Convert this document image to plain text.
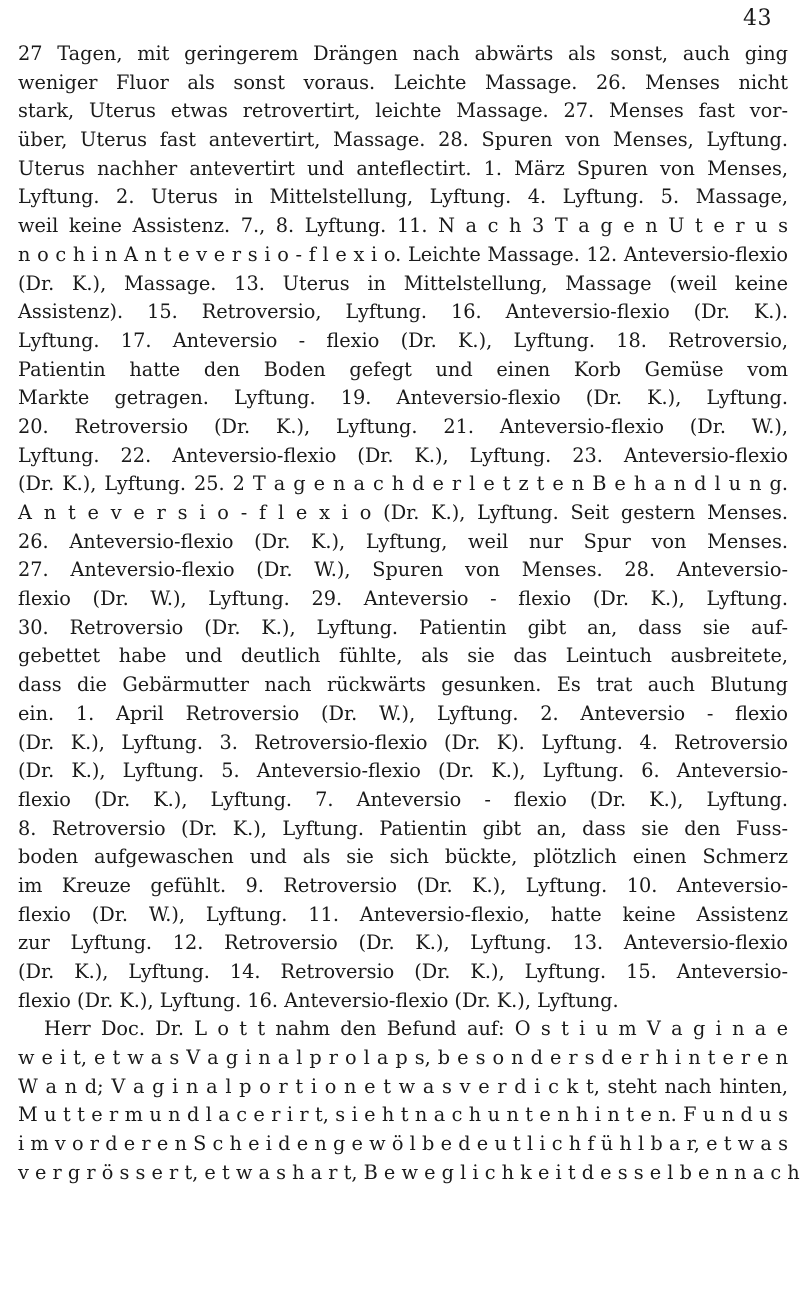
43
27 Tagen, mit geringerem Drängen nach abwärts als sonst, auch ging
weniger Fluor als sonst voraus. Leichte Massage. 26. Menses nicht
stark, Uterus etwas retrovertirt, leichte Massage. 27. Menses fast vor-
über, Uterus fast antevertirt, Massage. 28. Spuren von Menses, Lyftung.
Uterus nachher antevertirt und anteflectirt. 1. März Spuren von Menses,
Lyftung. 2. Uterus in Mittelstellung, Lyftung. 4. Lyftung. 5. Massage,
weil keine Assistenz. 7., 8. Lyftung. 11. N a c h 3 T a g e n U t e r u s
n o c h i n A n t e v e r s i o - f l e x i o. Leichte Massage. 12. Anteversio-flexio
(Dr. K.), Massage. 13. Uterus in Mittelstellung, Massage (weil keine
Assistenz). 15. Retroversio, Lyftung. 16. Anteversio-flexio (Dr. K.).
Lyftung. 17. Anteversio - flexio (Dr. K.), Lyftung. 18. Retroversio,
Patientin hatte den Boden gefegt und einen Korb Gemüse vom
Markte getragen. Lyftung. 19. Anteversio-flexio (Dr. K.), Lyftung.
20. Retroversio (Dr. K.), Lyftung. 21. Anteversio-flexio (Dr. W.),
Lyftung. 22. Anteversio-flexio (Dr. K.), Lyftung. 23. Anteversio-flexio
(Dr. K.), Lyftung. 25. 2 T a g e n a c h d e r l e t z t e n B e h a n d l u n g.
A n t e v e r s i o - f l e x i o (Dr. K.), Lyftung. Seit gestern Menses.
26. Anteversio-flexio (Dr. K.), Lyftung, weil nur Spur von Menses.
27. Anteversio-flexio (Dr. W.), Spuren von Menses. 28. Anteversio-
flexio (Dr. W.), Lyftung. 29. Anteversio - flexio (Dr. K.), Lyftung.
30. Retroversio (Dr. K.), Lyftung. Patientin gibt an, dass sie auf-
gebettet habe und deutlich fühlte, als sie das Leintuch ausbreitete,
dass die Gebärmutter nach rückwärts gesunken. Es trat auch Blutung
ein. 1. April Retroversio (Dr. W.), Lyftung. 2. Anteversio - flexio
(Dr. K.), Lyftung. 3. Retroversio-flexio (Dr. K). Lyftung. 4. Retroversio
(Dr. K.), Lyftung. 5. Anteversio-flexio (Dr. K.), Lyftung. 6. Anteversio-
flexio (Dr. K.), Lyftung. 7. Anteversio - flexio (Dr. K.), Lyftung.
8. Retroversio (Dr. K.), Lyftung. Patientin gibt an, dass sie den Fuss-
boden aufgewaschen und als sie sich bückte, plötzlich einen Schmerz
im Kreuze gefühlt. 9. Retroversio (Dr. K.), Lyftung. 10. Anteversio-
flexio (Dr. W.), Lyftung. 11. Anteversio-flexio, hatte keine Assistenz
zur Lyftung. 12. Retroversio (Dr. K.), Lyftung. 13. Anteversio-flexio
(Dr. K.), Lyftung. 14. Retroversio (Dr. K.), Lyftung. 15. Anteversio-
flexio (Dr. K.), Lyftung. 16. Anteversio-flexio (Dr. K.), Lyftung.
Herr Doc. Dr. L o t t nahm den Befund auf: O s t i u m V a g i n a e
w e i t, e t w a s V a g i n a l p r o l a p s, b e s o n d e r s d e r h i n t e r e n
W a n d; V a g i n a l p o r t i o n e t w a s v e r d i c k t, steht nach hinten,
M u t t e r m u n d l a c e r i r t, s i e h t n a c h u n t e n h i n t e n. F u n d u s
i m v o r d e r e n S c h e i d e n g e w ö l b e d e u t l i c h f ü h l b a r, e t w a s
v e r g r ö s s e r t, e t w a s h a r t, B e w e g l i c h k e i t d e s s e l b e n n a c h
